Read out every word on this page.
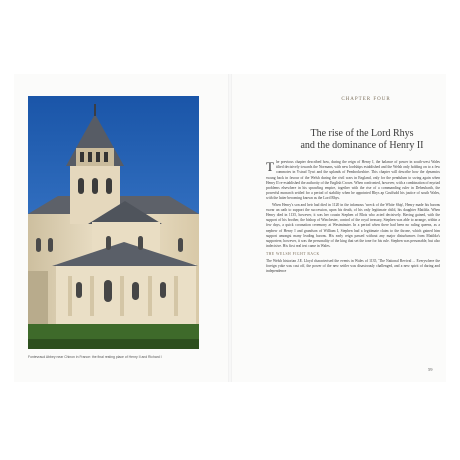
Fontevraud Abbey near Chinon in France: the final resting place of Henry II and Richard I
CHAPTER FOUR
The rise of the Lord Rhys
and the dominance of Henry II

The previous chapter described how, during the reign of Henry I, the balance of power in south-west Wales tilted decisively towards the Normans, with new lordships established and the Welsh only holding on to a few commotes in Ystrad Tywi and the uplands of Pembrokeshire. This chapter will describe how the dynamics swung back in favour of the Welsh during the civil wars in England, only for the pendulum to swing again when Henry II re-established the authority of the English Crown. When confronted, however, with a combination of myriad problems elsewhere in his sprawling empire, together with the rise of a commanding ruler in Deheubarth, the powerful monarch settled for a period of stability when he appointed Rhys ap Gruffudd his justice of south Wales, with the latter becoming known as the Lord Rhys.

When Henry's son and heir had died in 1120 in the infamous 'wreck of the White Ship', Henry made his barons swear an oath to support the succession, upon his death, of his only legitimate child, his daughter Matilda. When Henry died in 1135, however, it was her cousin Stephen of Blois who acted decisively. Having gained, with the support of his brother, the bishop of Winchester, control of the royal treasury, Stephen was able to arrange, within a few days, a quick coronation ceremony at Westminster. In a period when there had been no ruling queens, as a nephew of Henry I and grandson of William I, Stephen had a legitimate claim to the throne, which gained him support amongst many leading barons. His early reign passed without any major disturbances from Matilda's supporters; however, it was the personality of the king that set the tone for his rule. Stephen was personable, but also indecisive. His first real test came in Wales.

THE WELSH FIGHT BACK

The Welsh historian J.E. Lloyd characterised the events in Wales of 1135, 'The National Revival ... Everywhere the foreign yoke was cast off, the power of the new settler was disastrously challenged, and a new spirit of daring and independence

59
